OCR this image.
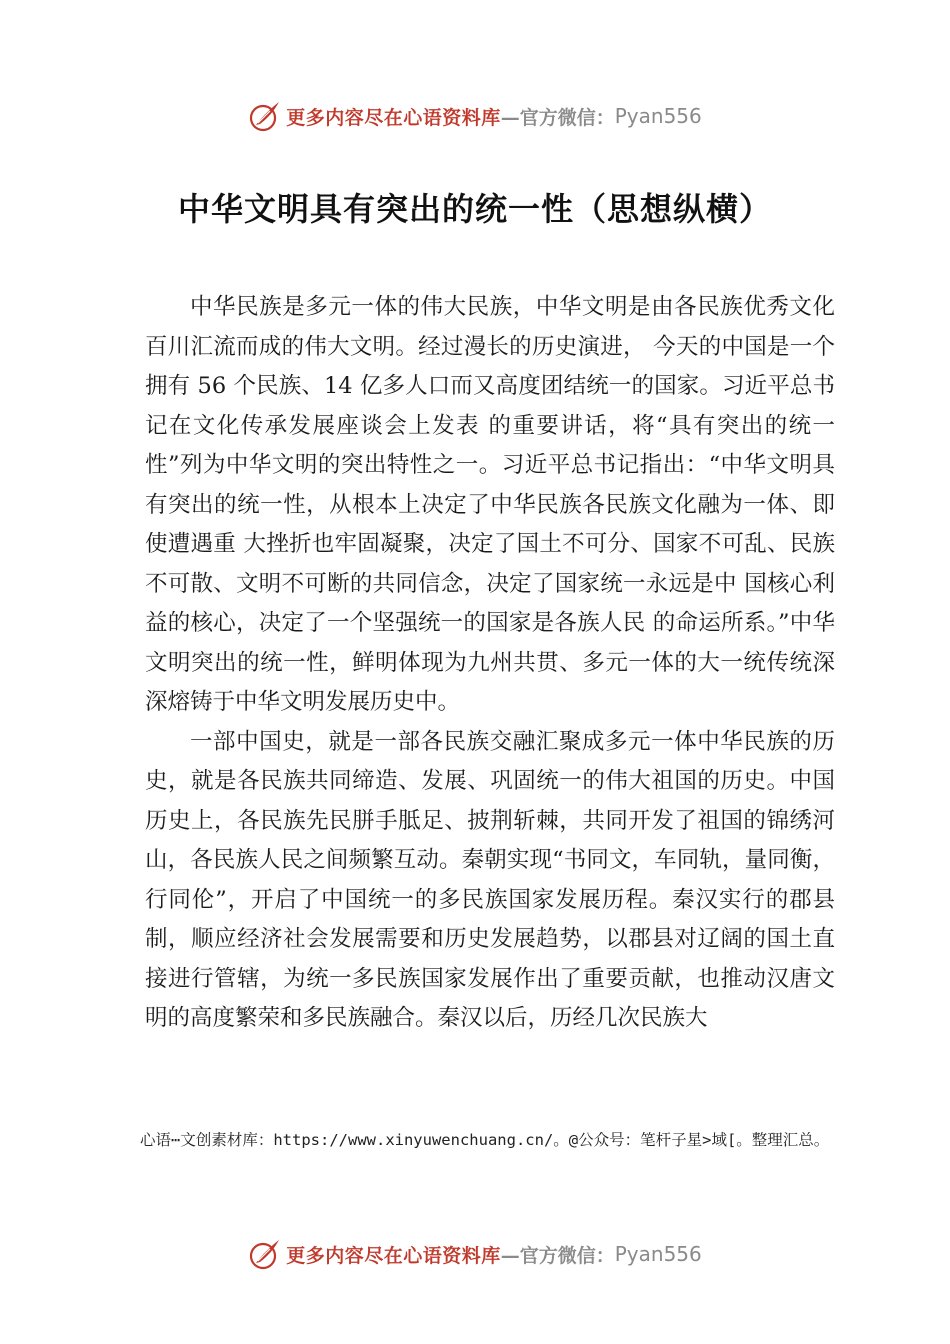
更多内容尽在心语资料库 —官方微信： Pyan556
中华文明具有突出的统一性（思想纵横）

中华民族是多元一体的伟大民族，中华文明是由各民族优秀文化百川汇流而成的伟大文明。经过漫长的历史演进， 今天的中国是一个拥有 56 个民族、14 亿多人口而又高度团结统一的国家。习近平总书记在文化传承发展座谈会上发表 的重要讲话，将“具有突出的统一性”列为中华文明的突出特性之一。习近平总书记指出：“中华文明具有突出的统一性，从根本上决定了中华民族各民族文化融为一体、即使遭遇重 大挫折也牢固凝聚，决定了国土不可分、国家不可乱、民族 不可散、文明不可断的共同信念，决定了国家统一永远是中 国核心利益的核心，决定了一个坚强统一的国家是各族人民 的命运所系。”中华文明突出的统一性，鲜明体现为九州共贯、多元一体的大一统传统深深熔铸于中华文明发展历史中。

一部中国史，就是一部各民族交融汇聚成多元一体中华民族的历史，就是各民族共同缔造、发展、巩固统一的伟大祖国的历史。中国历史上，各民族先民胼手胝足、披荆斩棘，共同开发了祖国的锦绣河山，各民族人民之间频繁互动。秦朝实现“书同文，车同轨，量同衡，行同伦”，开启了中国统一的多民族国家发展历程。秦汉实行的郡县制，顺应经济社会发展需要和历史发展趋势，以郡县对辽阔的国土直接进行管辖，为统一多民族国家发展作出了重要贡献，也推动汉唐文明的高度繁荣和多民族融合。秦汉以后，历经几次民族大

心语⋯文创素材库：https://www.xinyuwenchuang.cn/。@公众号：笔杆子星>域[。整理汇总。
更多内容尽在心语资料库 —官方微信： Pyan556
